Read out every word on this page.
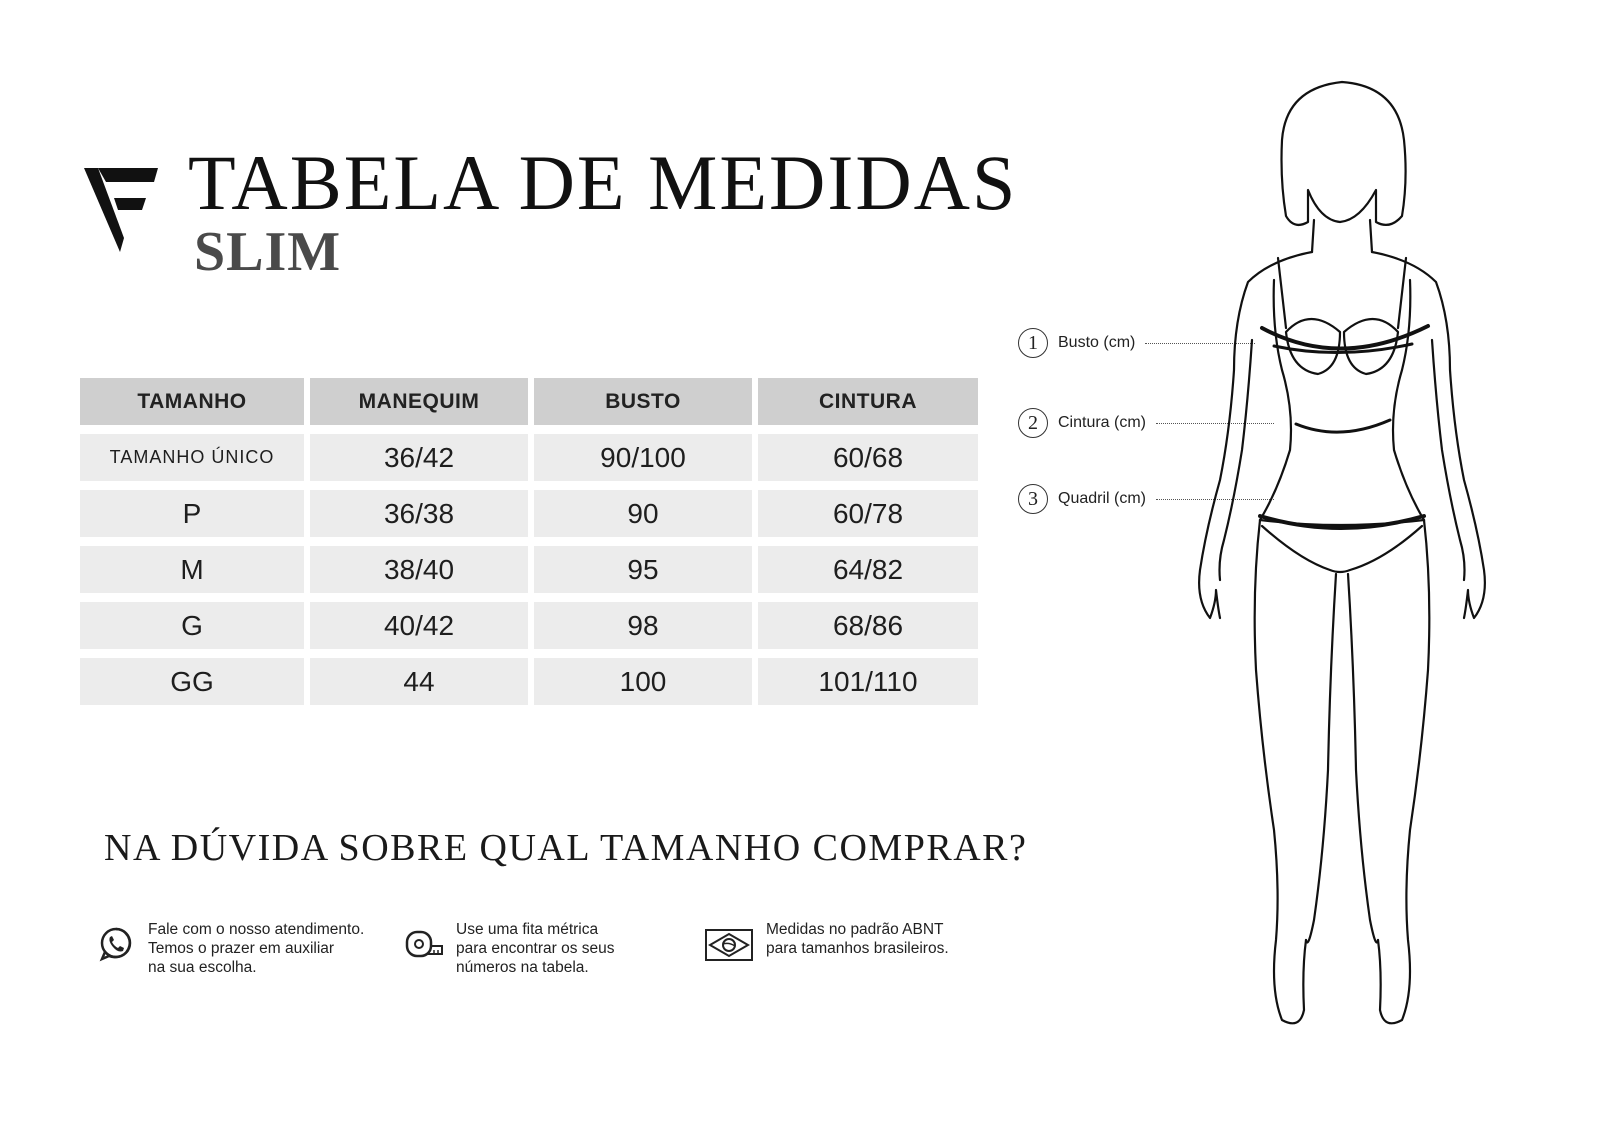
TABELA DE MEDIDAS
SLIM
TAMANHO	MANEQUIM	BUSTO	CINTURA
TAMANHO ÚNICO	36/42	90/100	60/68
P	36/38	90	60/78
M	38/40	95	64/82
G	40/42	98	68/86
GG	44	100	101/110
NA DÚVIDA SOBRE QUAL TAMANHO COMPRAR?
Fale com o nosso atendimento.
Temos o prazer em auxiliar
na sua escolha.
Use uma fita métrica
para encontrar os seus
números na tabela.
Medidas no padrão ABNT
para tamanhos brasileiros.
1	Busto (cm)
2	Cintura (cm)
3	Quadril (cm)
